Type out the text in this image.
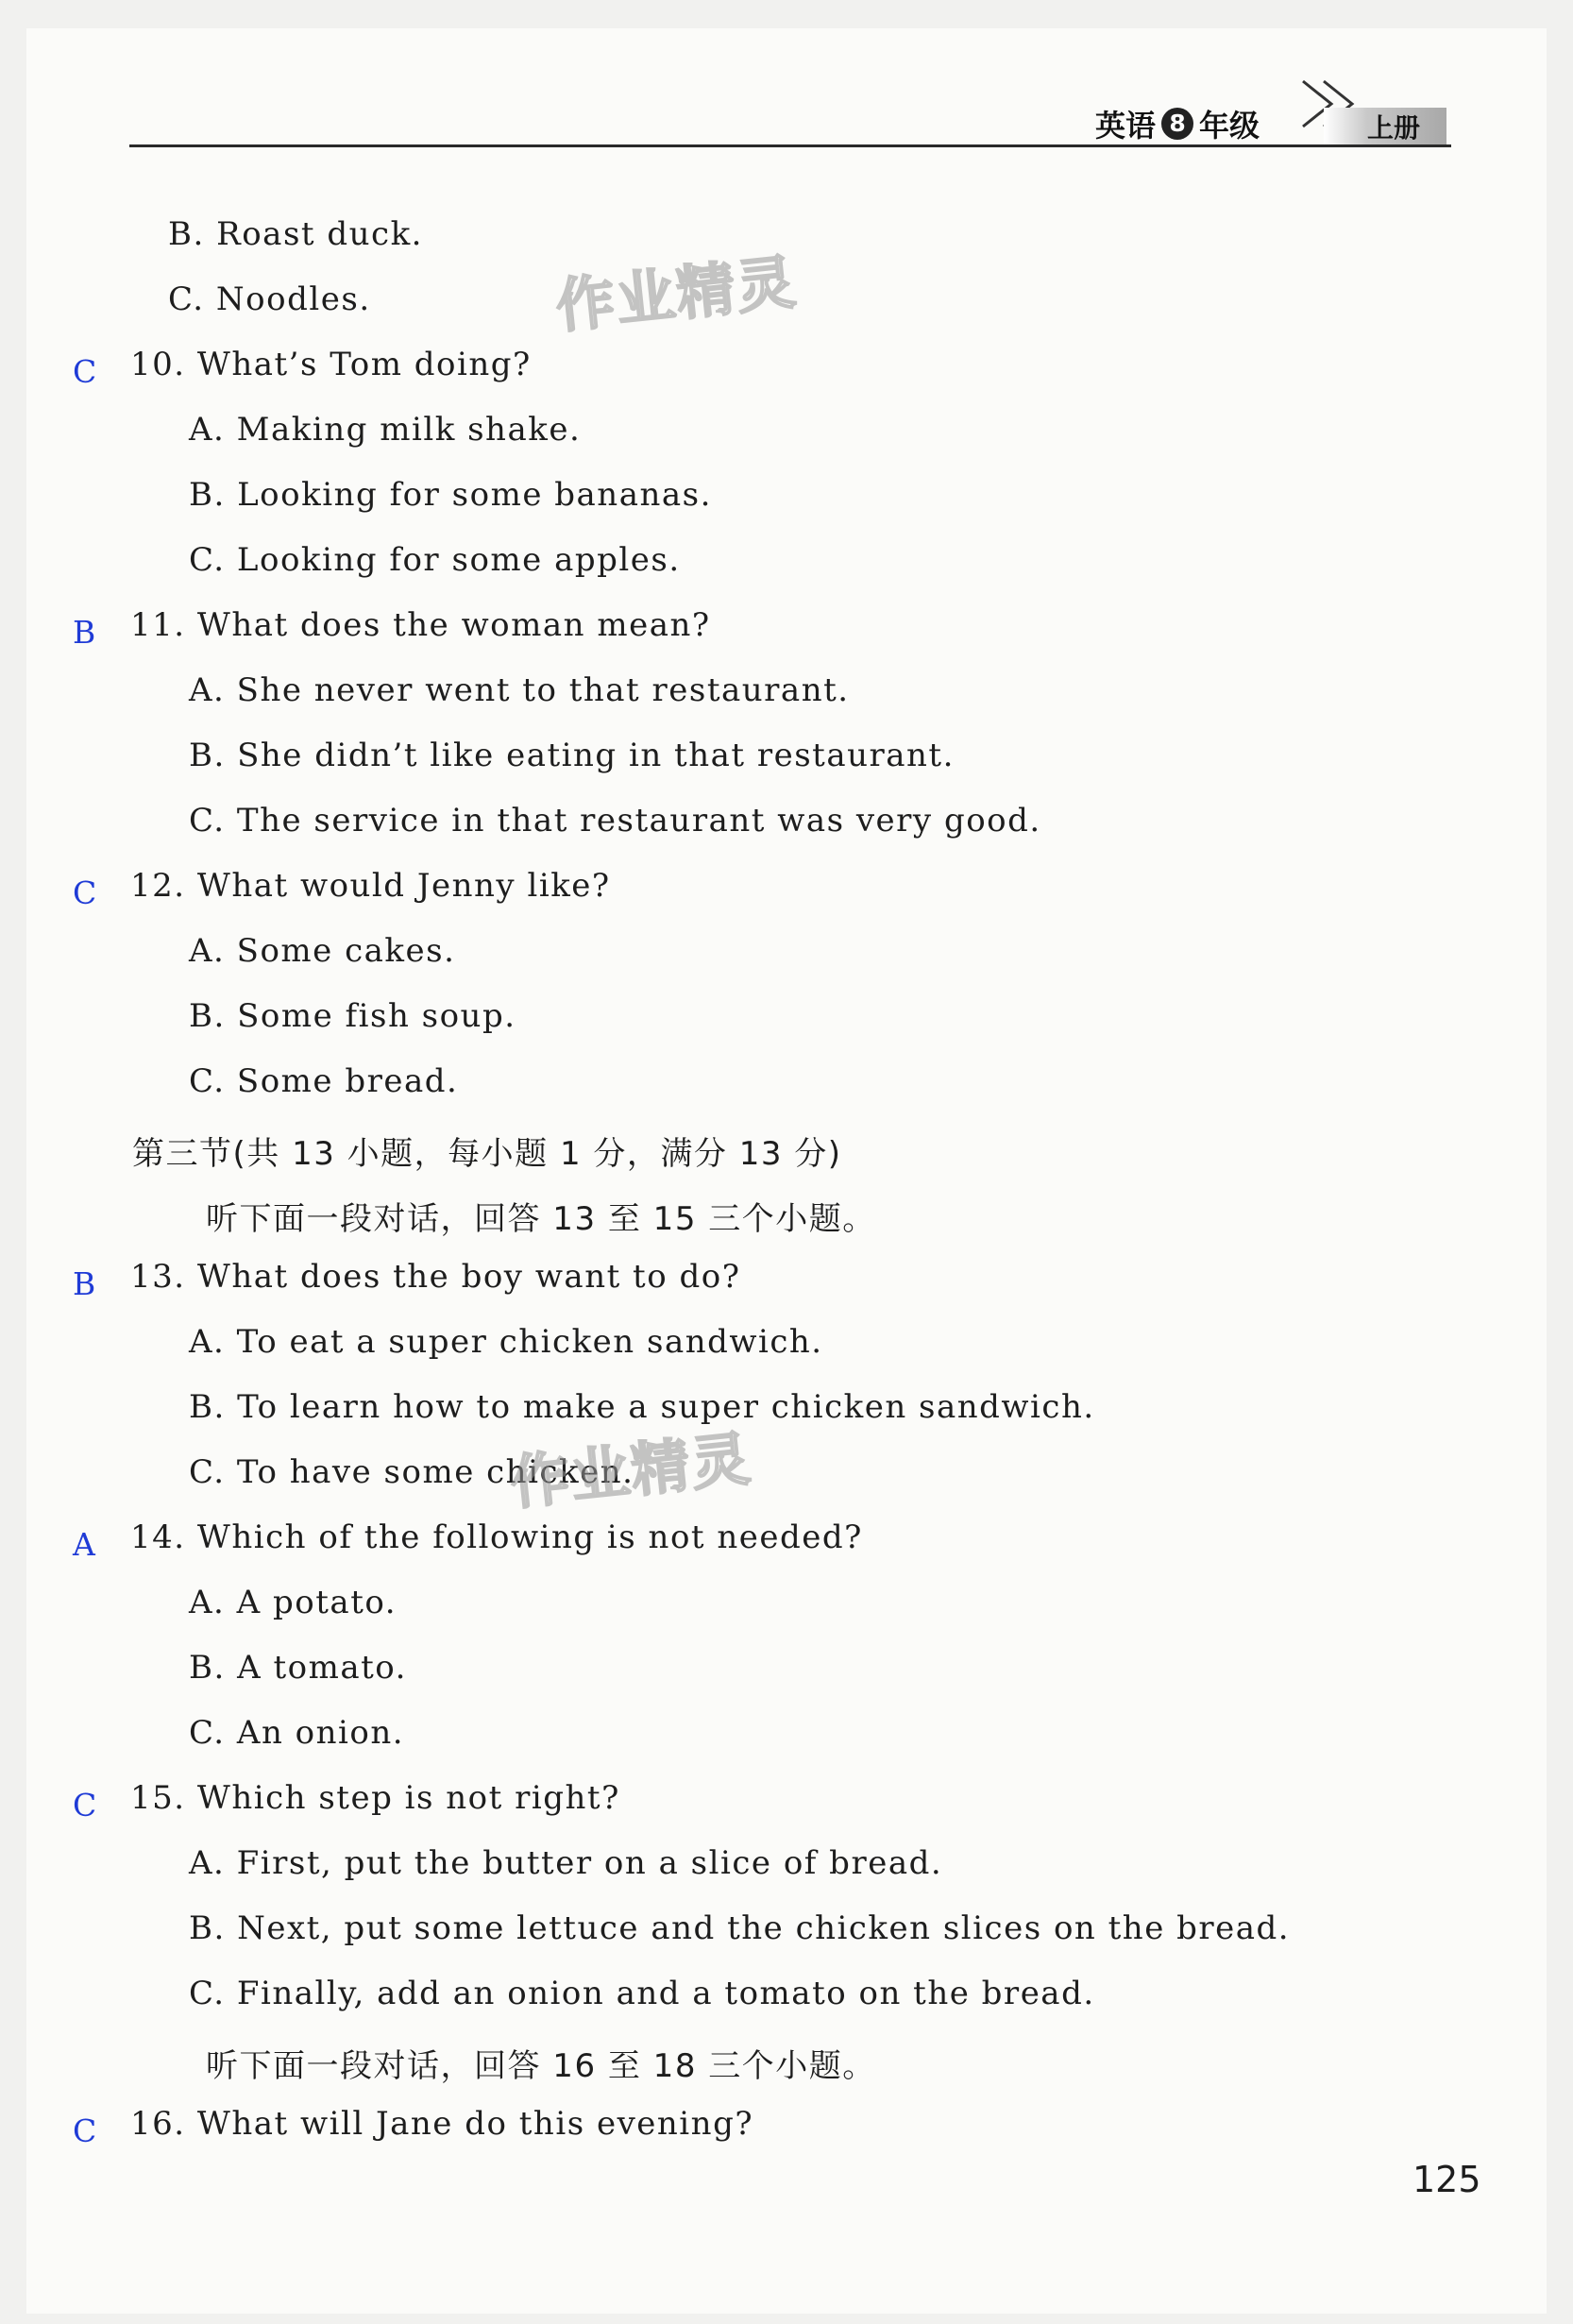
英语 8 年级	上册
B. Roast duck.
C. Noodles.
C 10. What’s Tom doing?
A. Making milk shake.
B. Looking for some bananas.
C. Looking for some apples.
B 11. What does the woman mean?
A. She never went to that restaurant.
B. She didn’t like eating in that restaurant.
C. The service in that restaurant was very good.
C 12. What would Jenny like?
A. Some cakes.
B. Some fish soup.
C. Some bread.
第三节(共 13 小题，每小题 1 分，满分 13 分)
听下面一段对话，回答 13 至 15 三个小题。
B 13. What does the boy want to do?
A. To eat a super chicken sandwich.
B. To learn how to make a super chicken sandwich.
C. To have some chicken.
A 14. Which of the following is not needed?
A. A potato.
B. A tomato.
C. An onion.
C 15. Which step is not right?
A. First, put the butter on a slice of bread.
B. Next, put some lettuce and the chicken slices on the bread.
C. Finally, add an onion and a tomato on the bread.
听下面一段对话，回答 16 至 18 三个小题。
C 16. What will Jane do this evening?
作业精灵
作业精灵
125
